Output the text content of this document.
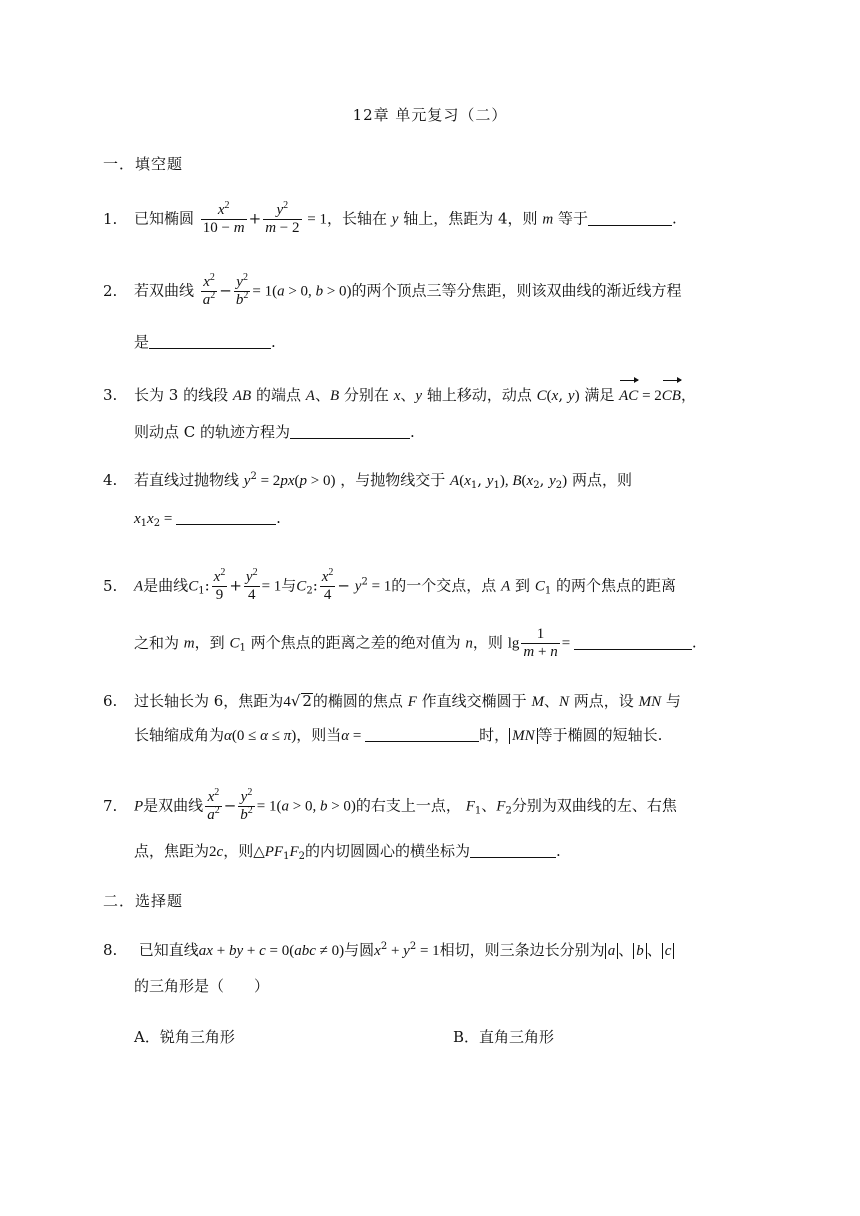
12章 单元复习（二）
一．填空题
1. 已知椭圆 $\frac{x^2}{10 - m} + \frac{y^2}{m - 2} = 1$，长轴在 y 轴上，焦距为 4，则 m 等于	.
2. 若双曲线 $\frac{x^2}{a^2} - \frac{y^2}{b^2} = 1(a > 0$, b > 0)的两个顶点三等分焦距，则该双曲线的渐近线方程
是	.
3. 长为 3 的线段 AB 的端点 A、B 分别在 x、y 轴上移动，动点 C(x, y) 满足 AC = 2CB，
则动点 C 的轨迹方程为	.
4. 若直线过抛物线 $y^2 = 2px(p > 0)$ ，与抛物线交于 $A(x_1$, $y_1$), $B(x_2$, $y_2$) 两点，则
$x_1x_2$ =	.
5. A是曲线$C_1$: $\frac{x^2}{9} + \frac{y^2}{4} = 1$与$C_2$: $\frac{x^2}{4} - y^2 = 1$的一个交点，点 A 到 $C_1$ 的两个焦点的距离
之和为 m，到 $C_1$ 两个焦点的距离之差的绝对值为 n，则 $\lg \frac{1}{m + n}$ =	.
6. 过长轴长为 6，焦距为4√ 2的椭圆的焦点 F 作直线交椭圆于 M、N 两点，设 MN 与
长轴缩成角为α(0 ≤ α ≤ π)，则当α =	时， MN 等于椭圆的短轴长.
7. P是双曲线 $\frac{x^2}{a^2} - \frac{y^2}{b^2} = 1(a > 0$, b > 0)的右支上一点， $F_1$、$F_2$分别为双曲线的左、右焦
点，焦距为2c，则$\triangle PF_1F_2$的内切圆圆心的横坐标为	.
二．选择题
8. 已知直线ax + by + c = 0(abc ≠ 0)与圆$x^2 + y^2 = 1$相切，则三条边长分别为 a 、 b 、 c
的三角形是（　　）
A．锐角三角形	B．直角三角形
